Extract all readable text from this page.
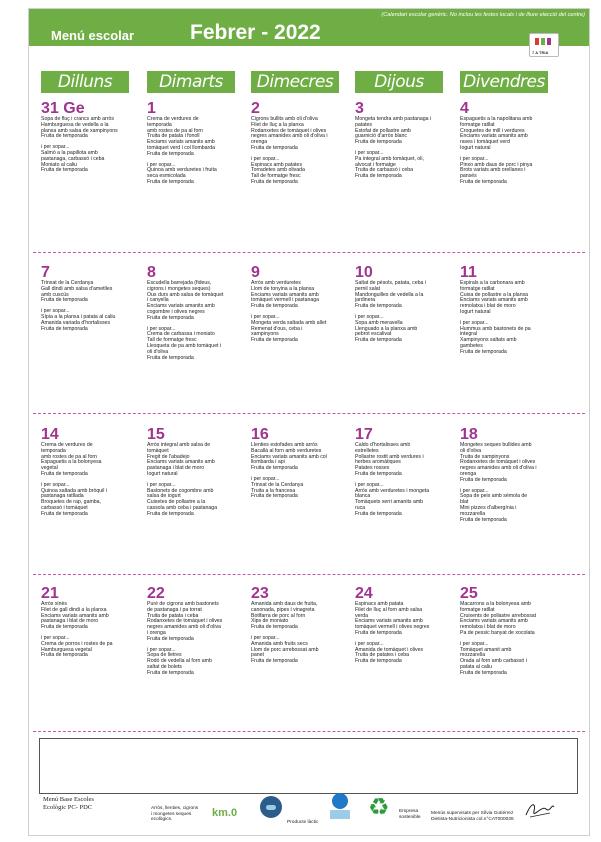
(Calendari escolar genèric. No inclou les festes locals i de lliure elecció del centre)
Menú escolar	Febrer - 2022
7 A TRIA
Dilluns	Dimarts	Dimecres	Dijous	Divendres
31 Ge
Sopa de fluç i crancs amb arròs
Hamburguesa de vedella a la
planxa amb salsa de xampinyons
Fruita de temporada
i per sopar...
Salmó a la papillota amb
pastanaga, carbassó i ceba
Moniato al caliu
Fruita de temporada
1
Crema de verdures de
temporada
amb rostes de pa al forn
Truita de patata i fonoll
Enciams variats amanits amb
tomàquet verd i col llombarda
Fruita de temporada
i per sopar...
Quinoa amb verduretes i fruita
seca esmicolada
Fruita de temporada
2
Cigrons bullits amb oli d'oliva
Filet de lluç a la planxa
Rodanxetes de tomàquet i olives
negres amanides amb oli d'oliva i
orenga
Fruita de temporada
i per sopar...
Espinacs amb patates
Torradetes amb olivada
Tall de formatge fresc
Fruita de temporada
3
Mongeta tendra amb pastanaga i
patates
Estofat de pollastre amb
guarnició d'arròs blanc
Fruita de temporada
i per sopar...
Pa integral amb tomàquet, oli,
alvocat i formatge
Truita de carbassó i ceba
Fruita de temporada
4
Espaguetis a la napolitana amb
formatge ratllat
Croquetes de mill i verdures
Enciams variats amanits amb
raves i tomàquet verd
Iogurt natural
i per sopar...
Pinxo amb daus de porc i pinya
Brots variats amb orellanes i
pansés
Fruita de temporada
7
Trinxat de la Cerdanya
Gall dindi amb salsa d'ametlles
amb cuscús
Fruita de temporada
i per sopar...
Sípia a la planxa i patata al caliu
Amanida variada d'hortalisses
Fruita de temporada
8
Escudella barrejada (fideus,
cigrons i mongetes seques)
Ous durs amb salsa de tomàquet
i canyella
Enciams variats amanits amb
cogombre i olives negres
Fruita de temporada
i per sopar...
Crema de carbassa i moniato
Tall de formatge fresc
Llesqueta de pa amb tomàquet i
oli d'oliva
Fruita de temporada
9
Arròs amb verduretes
Llom de tonyina a la planxa
Enciams variats amanits amb
tomàquet vermell i pastanaga
Fruita de temporada
i per sopar...
Mongeta verda saltada amb allet
Remenat d'ous, ceba i
xampinyons
Fruita de temporada
10
Saltat de pèsols, patata, ceba i
pernil salat
Mandonguilles de vedella a la
jardinera
Fruita de temporada
i per sopar...
Sopa amb meravella
Llenguado a la planxa amb
pebrot escalivat
Fruita de temporada
11
Espirals a la carbonara amb
formatge ratllat
Cuixa de pollastre a la planxa
Enciams variats amanits amb
remolatxa i blat de moro
Iogurt natural
i per sopar...
Hummus amb bastonets de pa
integral
Xampinyons saltats amb
gambetes
Fruita de temporada
14
Crema de verdures de
temporada
amb rostes de pa al forn
Espaguetis a la bolonyesa
vegetal
Fruita de temporada
i per sopar...
Quinoa saltada amb bròquil i
pastanaga ratllada
Broquetes de rap, gamba,
carbassó i tomàquet
Fruita de temporada
15
Arròs integral amb salsa de
tomàquet
Fregit de l'abadejo
Enciams variats amanits amb
pastanaga i blat de moro
Iogurt natural
i per sopar...
Bastonets de cogombre amb
salsa de iogurt
Cuixetes de pollastre a la
cassola amb ceba i pastanaga
Fruita de temporada
16
Llenties estofades amb arròs
Bacallà al forn amb verduretes
Enciams variats amanits amb col
llombarda i api
Fruita de temporada
i per sopar...
Trinxat de la Cerdanya
Truita a la francesa
Fruita de temporada
17
Caldo d'hortalisses amb
estrelletes
Pollastre rostit amb verdures i
herbes aromàtiques
Patates rosses
Fruita de temporada
i per sopar...
Arròs amb verduretes i mongeta
blanca
Tomàquets xerri amanits amb
ruca
Fruita de temporada
18
Mongetes seques bullides amb
oli d'oliva
Truita de xampinyons
Rodanxetes de tomàquet i olives
negres amanides amb oli d'oliva i
orenga
Fruita de temporada
i per sopar...
Sopa de peix amb sèmola de
blat
Mini pizzes d'albergínia i
mozzarella
Fruita de temporada
21
Arròs xinès
Filet de gall dindi a la planxa
Enciams variats amanits amb
pastanaga i blat de moro
Fruita de temporada
i per sopar...
Crema de porros i rostes de pa
Hamburguesa vegetal
Fruita de temporada
22
Puré de cigrons amb bastonets
de pastanaga i pa torrat
Truita de patata i ceba
Rodanxetes de tomàquet i olives
negres amanides amb oli d'oliva
i orenga
Fruita de temporada
i per sopar...
Sopa de lletres
Rodó de vedella al forn amb
saltat de bolets
Fruita de temporada
23
Amanida amb daus de fruita,
canonada, pipes i vinagreta
Botifarra de porc al forn
Xips de moniato
Fruita de temporada
i per sopar...
Amanida amb fruits secs
Llom de porc arrebossat amb
panet
Fruita de temporada
24
Espinacs amb patata
Filet de lluç al forn amb salsa
verda
Enciams variats amanits amb
tomàquet vermell i olives negres
Fruita de temporada
i per sopar...
Amanida de tomàquet i olives
Truita de patates i ceba
Fruita de temporada
25
Macarrons a la bolonyesa amb
formatge ratllat
Cruixents de pollastre arrebossat
Enciams variats amanits amb
remolatxa i blat de moro
Pa de pessic banyat de xocolata
i per sopar...
Tomàquet amanit amb
mozzarella
Orada al forn amb carbassó i
patata al caliu
Fruita de temporada
Menú Base Escoles
Ecològic PC- PDC	Arròs, llenties, cigrons
i mongetes seques
ecològics.
km.0
Producte làctic
♻ Empresa
sostenible
Menús supervisats per Sílvia Gutiérrez
Dietista-Nutricionista col.n°CAT000036
